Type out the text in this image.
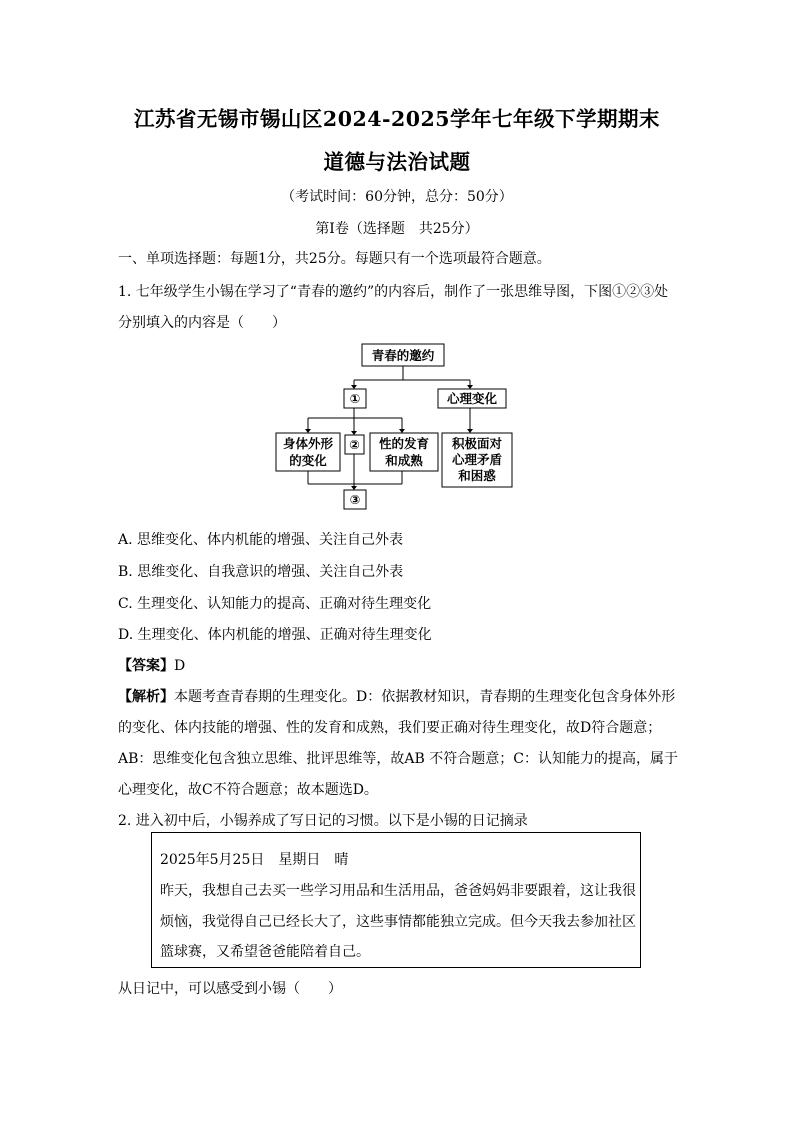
江苏省无锡市锡山区2024-2025学年七年级下学期期末
道德与法治试题
（考试时间：60分钟，总分：50分）
第Ⅰ卷（选择题　共25分）
一、单项选择题：每题1分，共25分。每题只有一个选项最符合题意。
1. 七年级学生小锡在学习了“青春的邀约”的内容后，制作了一张思维导图，下图①②③处
分别填入的内容是（　　）
青春的邀约
①	心理变化
身体外形
的变化
② 性的发育
和成熟
积极面对
心理矛盾
和困惑
③
A. 思维变化、体内机能的增强、关注自己外表
B. 思维变化、自我意识的增强、关注自己外表
C. 生理变化、认知能力的提高、正确对待生理变化
D. 生理变化、体内机能的增强、正确对待生理变化
【答案】D
【解析】本题考查青春期的生理变化。D：依据教材知识，青春期的生理变化包含身体外形
的变化、体内技能的增强、性的发育和成熟，我们要正确对待生理变化，故D符合题意；
AB：思维变化包含独立思维、批评思维等，故AB 不符合题意；C：认知能力的提高，属于
心理变化，故C不符合题意；故本题选D。
2. 进入初中后，小锡养成了写日记的习惯。以下是小锡的日记摘录
2025年5月25日　星期日　晴
昨天，我想自己去买一些学习用品和生活用品，爸爸妈妈非要跟着，这让我很
烦恼，我觉得自己已经长大了，这些事情都能独立完成。但今天我去参加社区
篮球赛，又希望爸爸能陪着自己。
从日记中，可以感受到小锡（　　）
